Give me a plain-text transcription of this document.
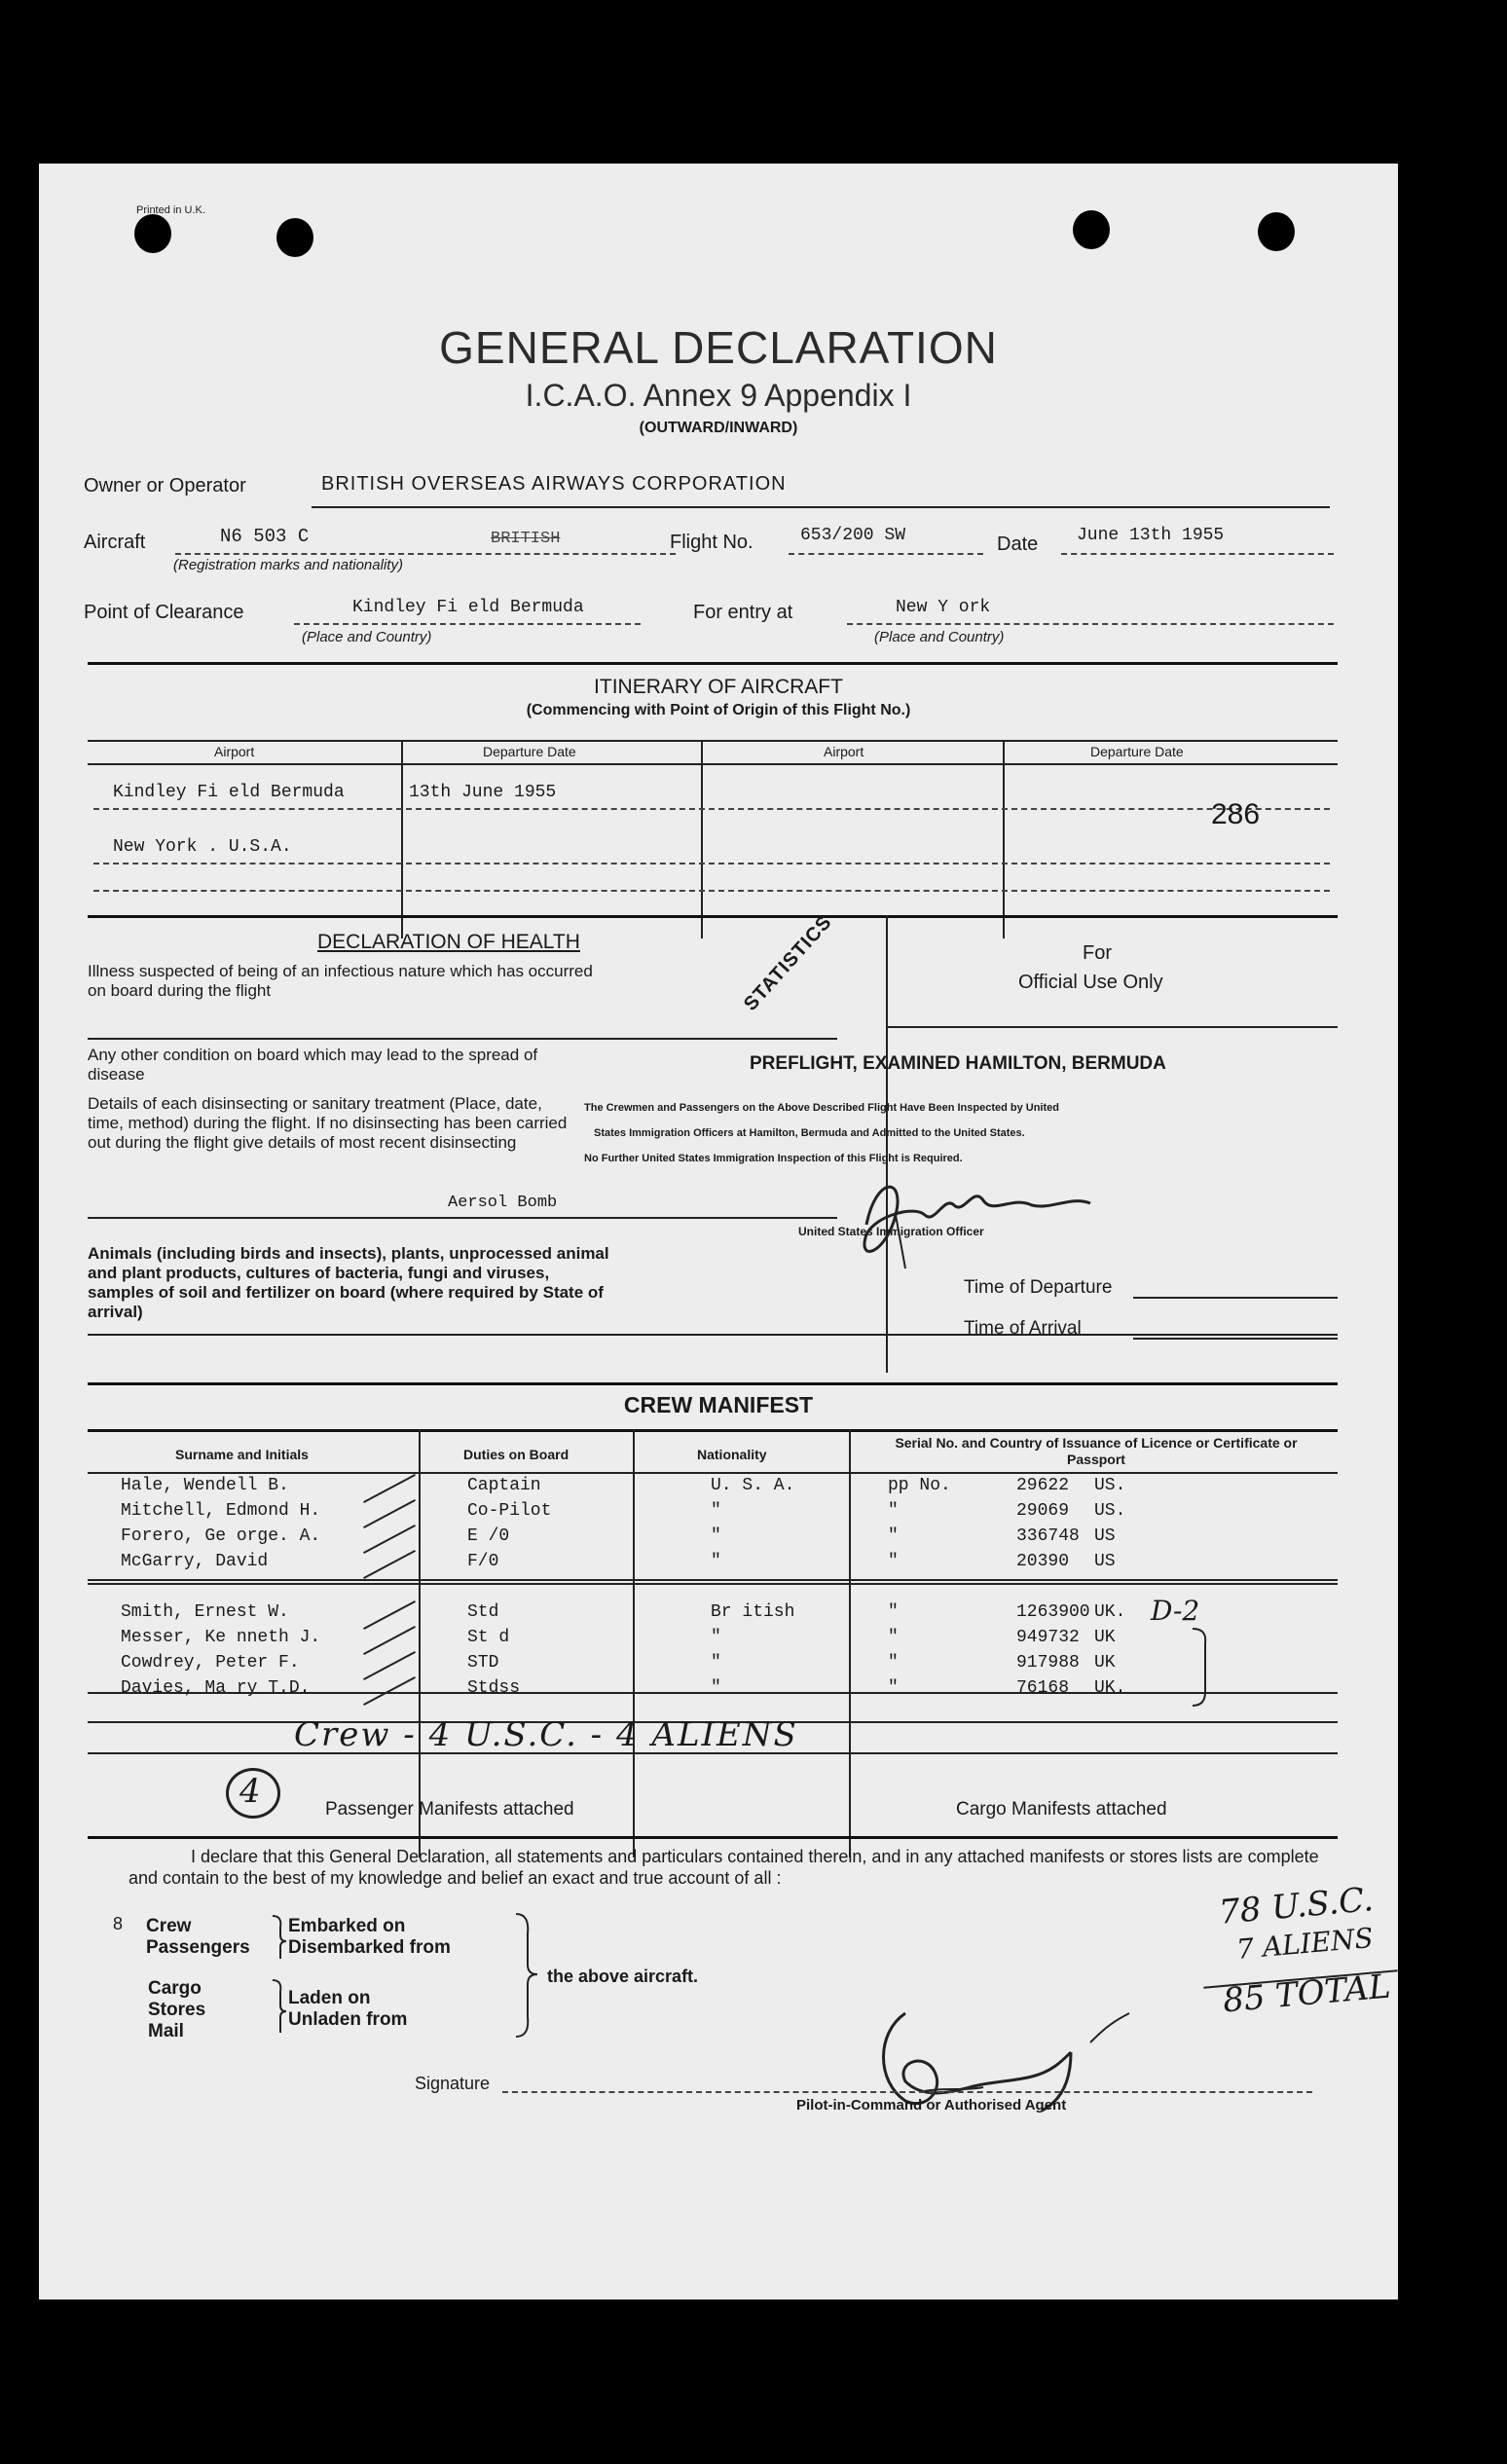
Printed in U.K.
GENERAL DECLARATION
I.C.A.O. Annex 9 Appendix I
(OUTWARD/INWARD)
Owner or Operator	BRITISH OVERSEAS AIRWAYS CORPORATION
Aircraft	N6 503 C	BRITISH
(Registration marks and nationality)
Flight No.	653/200 SW	Date June 13th 1955
Point of Clearance	Kindley Fi eld Bermuda
(Place and Country)
For entry at	New Y ork
(Place and Country)
ITINERARY OF AIRCRAFT
(Commencing with Point of Origin of this Flight No.)
Airport	Departure Date	Airport	Departure Date
Kindley Fi eld Bermuda	13th June 1955
New York . U.S.A.
286
STATISTICS
DECLARATION OF HEALTH
Illness suspected of being of an infectious nature which has occurred on board during the flight
Any other condition on board which may lead to the spread of disease
Details of each disinsecting or sanitary treatment (Place, date, time, method) during the flight. If no disinsecting has been carried out during the flight give details of most recent disinsecting
Aersol Bomb
Animals (including birds and insects), plants, unprocessed animal and plant products, cultures of bacteria, fungi and viruses, samples of soil and fertilizer on board (where required by State of arrival)
For
Official Use Only
PREFLIGHT, EXAMINED HAMILTON, BERMUDA
The Crewmen and Passengers on the Above Described Flight Have Been Inspected by United
States Immigration Officers at Hamilton, Bermuda and Admitted to the United States.
No Further United States Immigration Inspection of this Flight is Required.
United States Immigration Officer
Time of Departure
Time of Arrival
CREW MANIFEST
Surname and Initials	Duties on Board	Nationality
Serial No. and Country of Issuance of Licence or Certificate or Passport
Hale, Wendell B.	Captain	U. S. A.	pp No.	29622 US.
Mitchell, Edmond H.	Co-Pilot	"	"	29069 US.
Forero, Ge orge. A.	E /0	"	"	336748 US
McGarry, David	F/0	"	"	20390 US
Smith, Ernest W.	Std	Br itish	"	1263900 UK.
Messer, Ke nneth J.	St d	"	"	949732 UK
Cowdrey, Peter F.	STD	"	"	917988 UK
Davies, Ma ry T.D.	Stdss	"	"	76168 UK.
D-2
Crew - 4 U.S.C. - 4 ALIENS
4	Passenger Manifests attached	Cargo Manifests attached
I declare that this General Declaration, all statements and particulars contained therein, and in any attached manifests or stores lists are complete and contain to the best of my knowledge and belief an exact and true account of all :
8 Crew
Passengers
Embarked on
Disembarked from
Cargo
Stores
Mail
Laden on
Unladen from
the above aircraft.
Signature
Pilot-in-Command or Authorised Agent
78 U.S.C.
7 ALIENS
85 TOTAL
